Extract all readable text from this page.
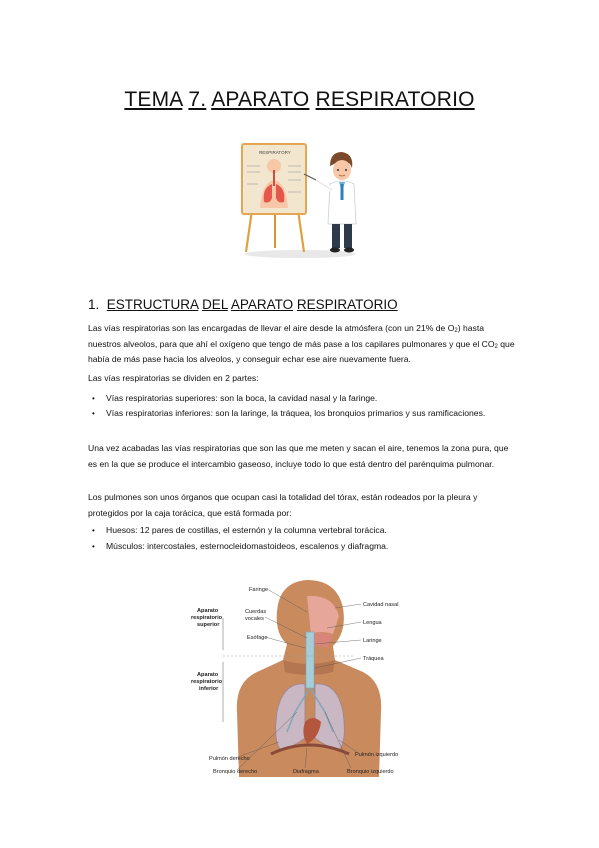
TEMA 7. APARATO RESPIRATORIO
RESPIRATORY
1. ESTRUCTURA DEL APARATO RESPIRATORIO
Las vías respiratorias son las encargadas de llevar el aire desde la atmósfera (con un 21% de $O_2$) hasta nuestros alveolos, para que ahí el oxígeno que tengo de más pase a los capilares pulmonares y que el $CO_2$ que había de más pase hacia los alveolos, y conseguir echar ese aire nuevamente fuera.
Las vías respiratorias se dividen en 2 partes:
• Vías respiratorias superiores: son la boca, la cavidad nasal y la faringe.
• Vías respiratorias inferiores: son la laringe, la tráquea, los bronquios primarios y sus ramificaciones.
Una vez acabadas las vías respiratorias que son las que me meten y sacan el aire, tenemos la zona pura, que es en la que se produce el intercambio gaseoso, incluye todo lo que está dentro del parénquima pulmonar.
Los pulmones son unos órganos que ocupan casi la totalidad del tórax, están rodeados por la pleura y protegidos por la caja torácica, que está formada por:
• Huesos: 12 pares de costillas, el esternón y la columna vertebral torácica.
• Músculos: intercostales, esternocleidomastoideos, escalenos y diafragma.
Aparato
respiratorio
superior
Aparato
respiratorio
inferior
Faringe
Cuerdas
vocales
Esófago
Cavidad nasal
Lengua
Laringe
Tráquea
Pulmón izquierdo
Pulmón derecho
Bronquio derecho	Diafragma	Bronquio izquierdo
